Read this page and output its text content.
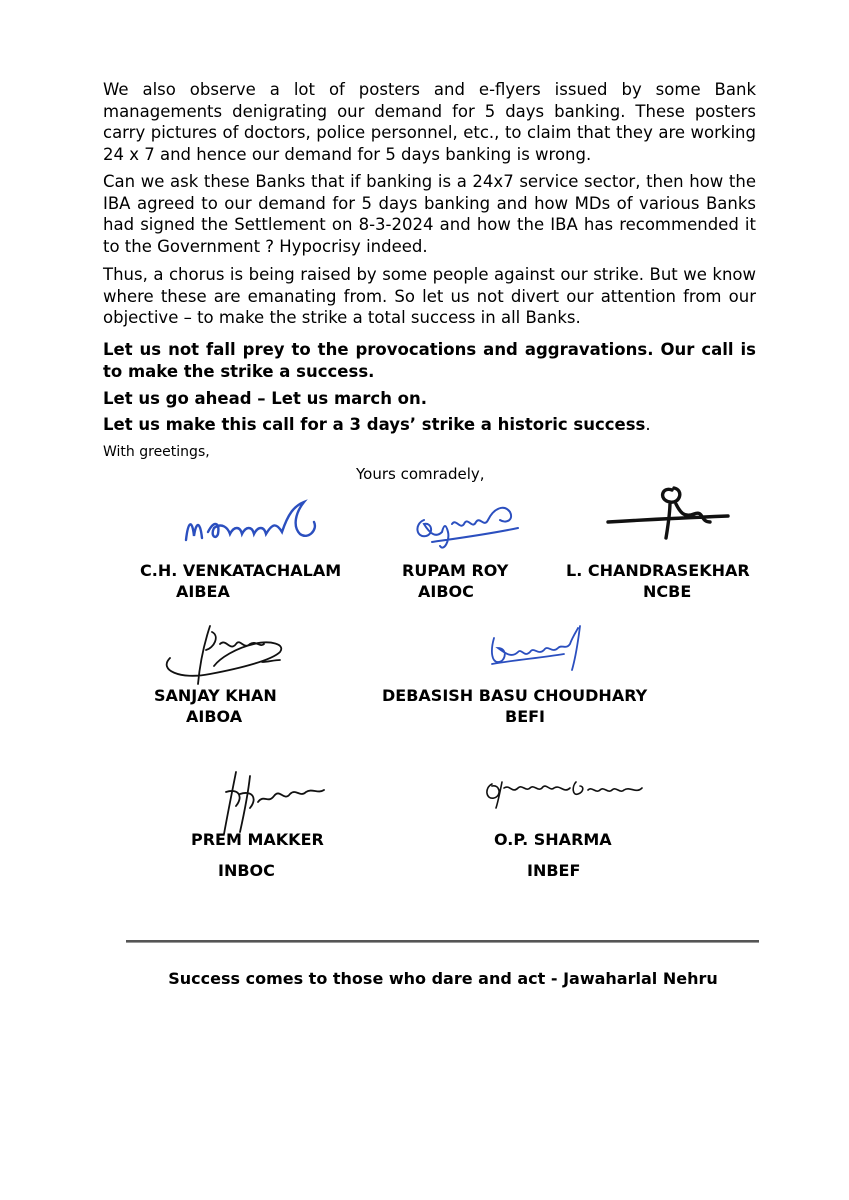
We also observe a lot of posters and e-flyers issued by some Bank managements denigrating our demand for 5 days banking. These posters carry pictures of doctors, police personnel, etc., to claim that they are working 24 x 7 and hence our demand for 5 days banking is wrong.

Can we ask these Banks that if banking is a 24x7 service sector, then how the IBA agreed to our demand for 5 days banking and how MDs of various Banks had signed the Settlement on 8-3-2024 and how the IBA has recommended it to the Government ? Hypocrisy indeed.

Thus, a chorus is being raised by some people against our strike. But we know where these are emanating from. So let us not divert our attention from our objective – to make the strike a total success in all Banks.

Let us not fall prey to the provocations and aggravations. Our call is to make the strike a success.

Let us go ahead – Let us march on.

Let us make this call for a 3 days’ strike a historic success.

With greetings,

Yours comradely,

C.H. VENKATACHALAM
AIBEA
RUPAM ROY
AIBOC
L. CHANDRASEKHAR
NCBE
SANJAY KHAN
AIBOA
DEBASISH BASU CHOUDHARY
BEFI
PREM MAKKER
INBOC
O.P. SHARMA
INBEF
Success comes to those who dare and act - Jawaharlal Nehru
